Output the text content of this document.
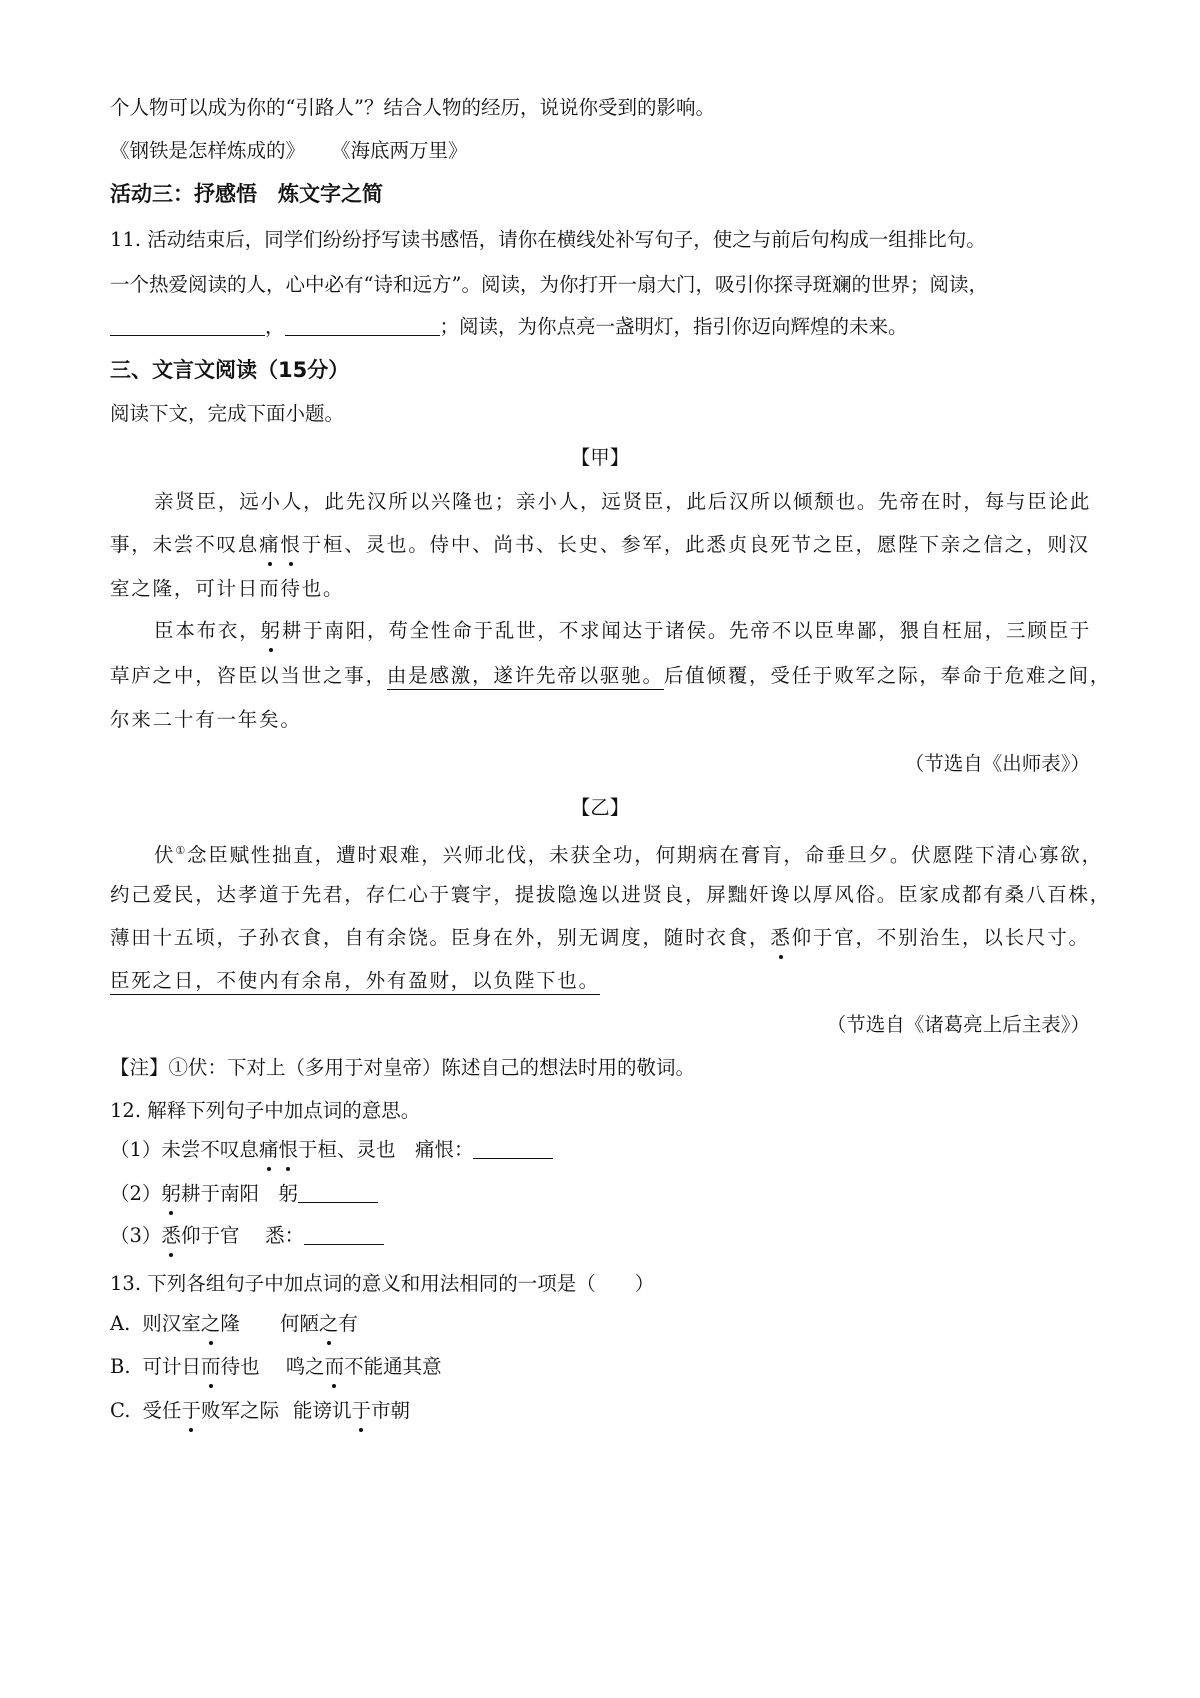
个人物可以成为你的“引路人”？结合人物的经历，说说你受到的影响。
《钢铁是怎样炼成的》 《海底两万里》
活动三：抒感悟　炼文字之简
11. 活动结束后，同学们纷纷抒写读书感悟，请你在横线处补写句子，使之与前后句构成一组排比句。
一个热爱阅读的人，心中必有“诗和远方”。阅读，为你打开一扇大门，吸引你探寻斑斓的世界；阅读，
，	；阅读，为你点亮一盏明灯，指引你迈向辉煌的未来。
三、文言文阅读（15分）
阅读下文，完成下面小题。
【甲】
亲贤臣，远小人，此先汉所以兴隆也；亲小人，远贤臣，此后汉所以倾颓也。先帝在时，每与臣论此
事，未尝不叹息痛恨于桓、灵也。侍中、尚书、长史、参军，此悉贞良死节之臣，愿陛下亲之信之，则汉
室之隆，可计日而待也。
臣本布衣，躬耕于南阳，苟全性命于乱世，不求闻达于诸侯。先帝不以臣卑鄙，猥自枉屈，三顾臣于
草庐之中，咨臣以当世之事，由是感激，遂许先帝以驱驰。后值倾覆，受任于败军之际，奉命于危难之间，
尔来二十有一年矣。
（节选自《出师表》）
【乙】
伏①念臣赋性拙直，遭时艰难，兴师北伐，未获全功，何期病在膏肓，命垂旦夕。伏愿陛下清心寡欲，
约己爱民，达孝道于先君，存仁心于寰宇，提拔隐逸以进贤良，屏黜奸谗以厚风俗。臣家成都有桑八百株，
薄田十五顷，子孙衣食，自有余饶。臣身在外，别无调度，随时衣食，悉仰于官，不别治生，以长尺寸。
臣死之日，不使内有余帛，外有盈财，以负陛下也。
（节选自《诸葛亮上后主表》）
【注】①伏：下对上（多用于对皇帝）陈述自己的想法时用的敬词。
12. 解释下列句子中加点词的意思。
（1）未尝不叹息痛恨于桓、灵也　痛恨：
（2）躬耕于南阳　躬
（3）悉仰于官　 悉：
13. 下列各组句子中加点词的意义和用法相同的一项是（　　）
A. 则汉室之隆 何陋之有
B. 可计日而待也 鸣之而不能通其意
C. 受任于败军之际 能谤讥于市朝
